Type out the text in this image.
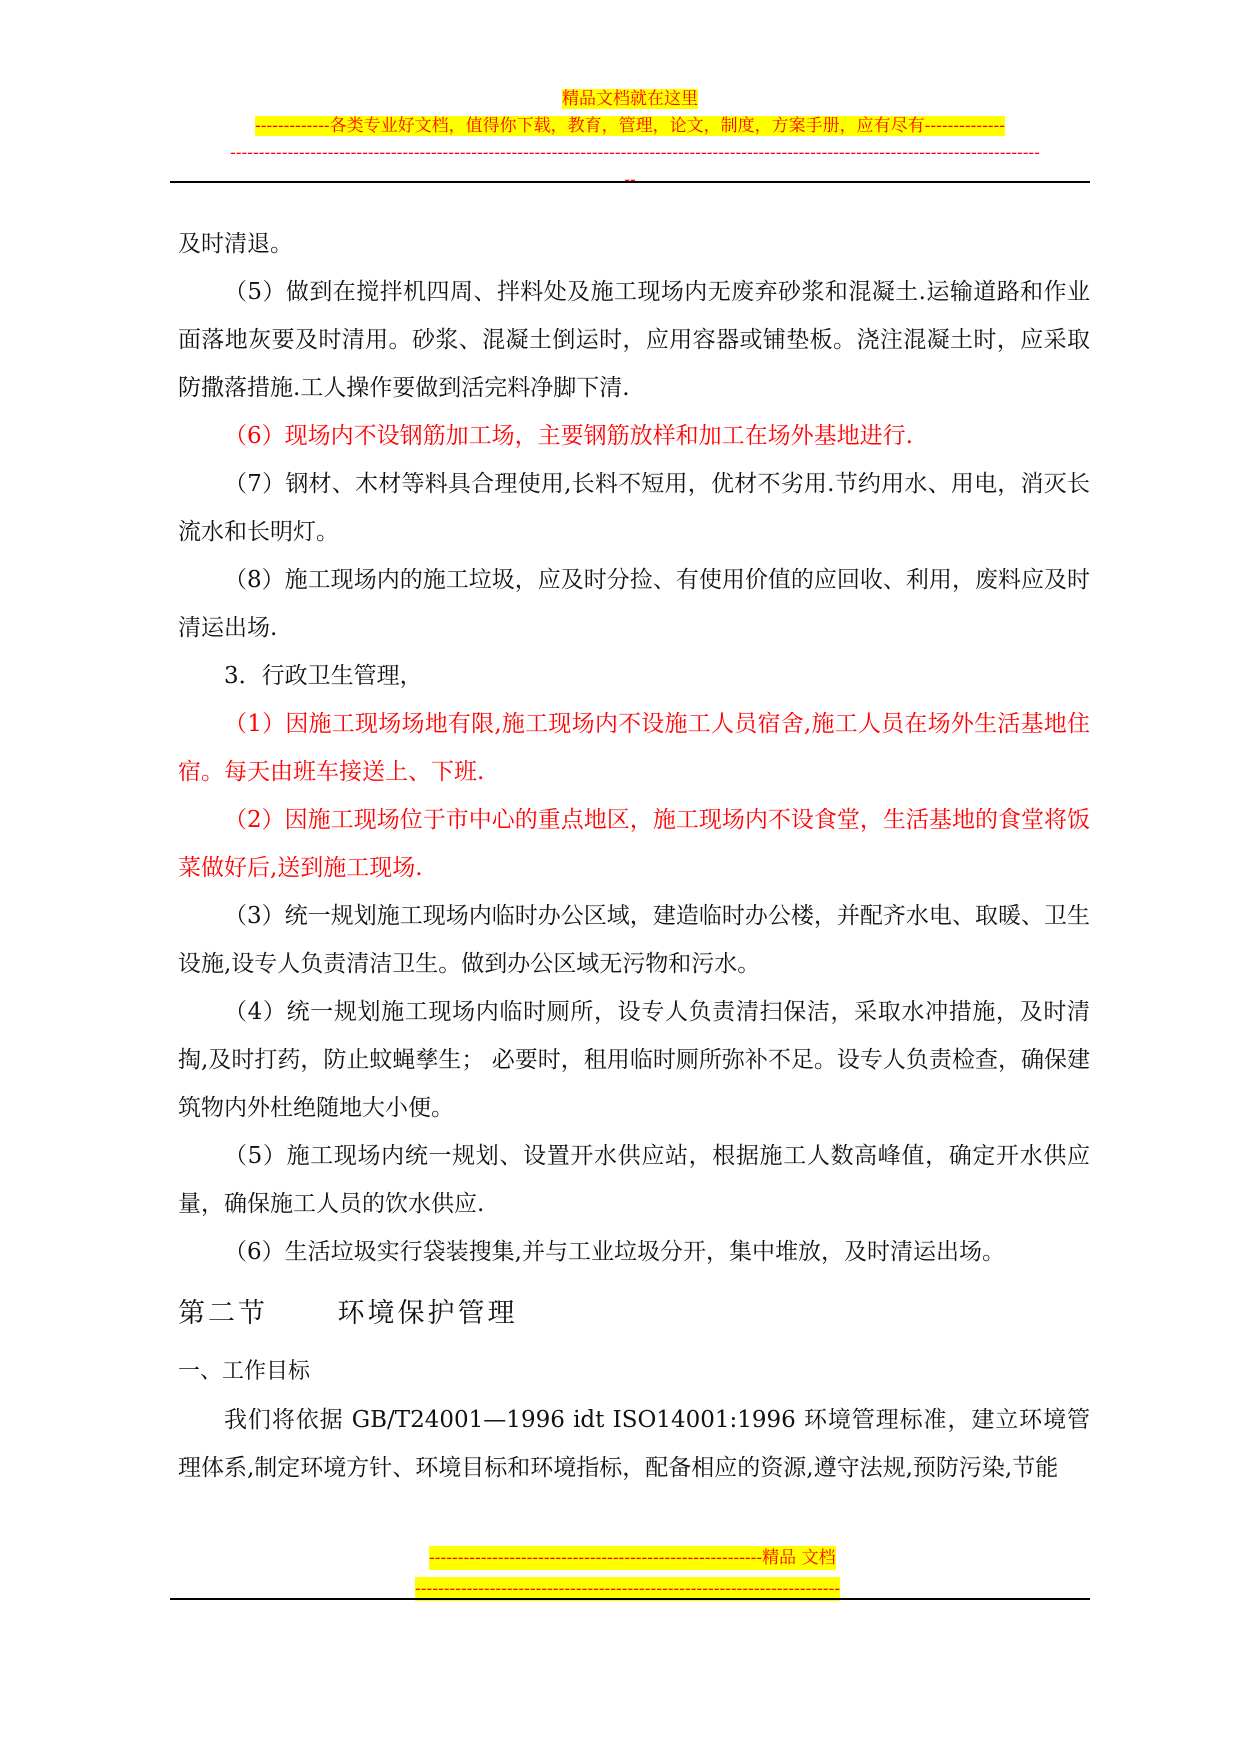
精品文档就在这里
-------------各类专业好文档，值得你下载，教育，管理，论文，制度，方案手册，应有尽有--------------
---------------------------------------------------------------------------------------------------------------------------------------------
--

及时清退。

（5）做到在搅拌机四周、拌料处及施工现场内无废弃砂浆和混凝土.运输道路和作业面落地灰要及时清用。砂浆、混凝土倒运时，应用容器或铺垫板。浇注混凝土时，应采取防撒落措施.工人操作要做到活完料净脚下清.

（6）现场内不设钢筋加工场，主要钢筋放样和加工在场外基地进行.

（7）钢材、木材等料具合理使用,长料不短用，优材不劣用.节约用水、用电，消灭长流水和长明灯。

（8）施工现场内的施工垃圾，应及时分捡、有使用价值的应回收、利用，废料应及时清运出场.

3．行政卫生管理，

（1）因施工现场场地有限,施工现场内不设施工人员宿舍,施工人员在场外生活基地住宿。每天由班车接送上、下班.

（2）因施工现场位于市中心的重点地区，施工现场内不设食堂，生活基地的食堂将饭菜做好后,送到施工现场.

（3）统一规划施工现场内临时办公区域，建造临时办公楼，并配齐水电、取暖、卫生设施,设专人负责清洁卫生。做到办公区域无污物和污水。

（4）统一规划施工现场内临时厕所，设专人负责清扫保洁，采取水冲措施，及时清掏,及时打药，防止蚊蝇孳生； 必要时，租用临时厕所弥补不足。设专人负责检查，确保建筑物内外杜绝随地大小便。

（5）施工现场内统一规划、设置开水供应站，根据施工人数高峰值，确定开水供应量，确保施工人员的饮水供应.

（6）生活垃圾实行袋装搜集,并与工业垃圾分开，集中堆放，及时清运出场。

第二节      环境保护管理

一、工作目标

我们将依据 GB/T24001—1996 idt ISO14001:1996 环境管理标准，建立环境管理体系,制定环境方针、环境目标和环境指标，配备相应的资源,遵守法规,预防污染,节能

----------------------------------------------------------精品 文档
--------------------------------------------------------------------------
